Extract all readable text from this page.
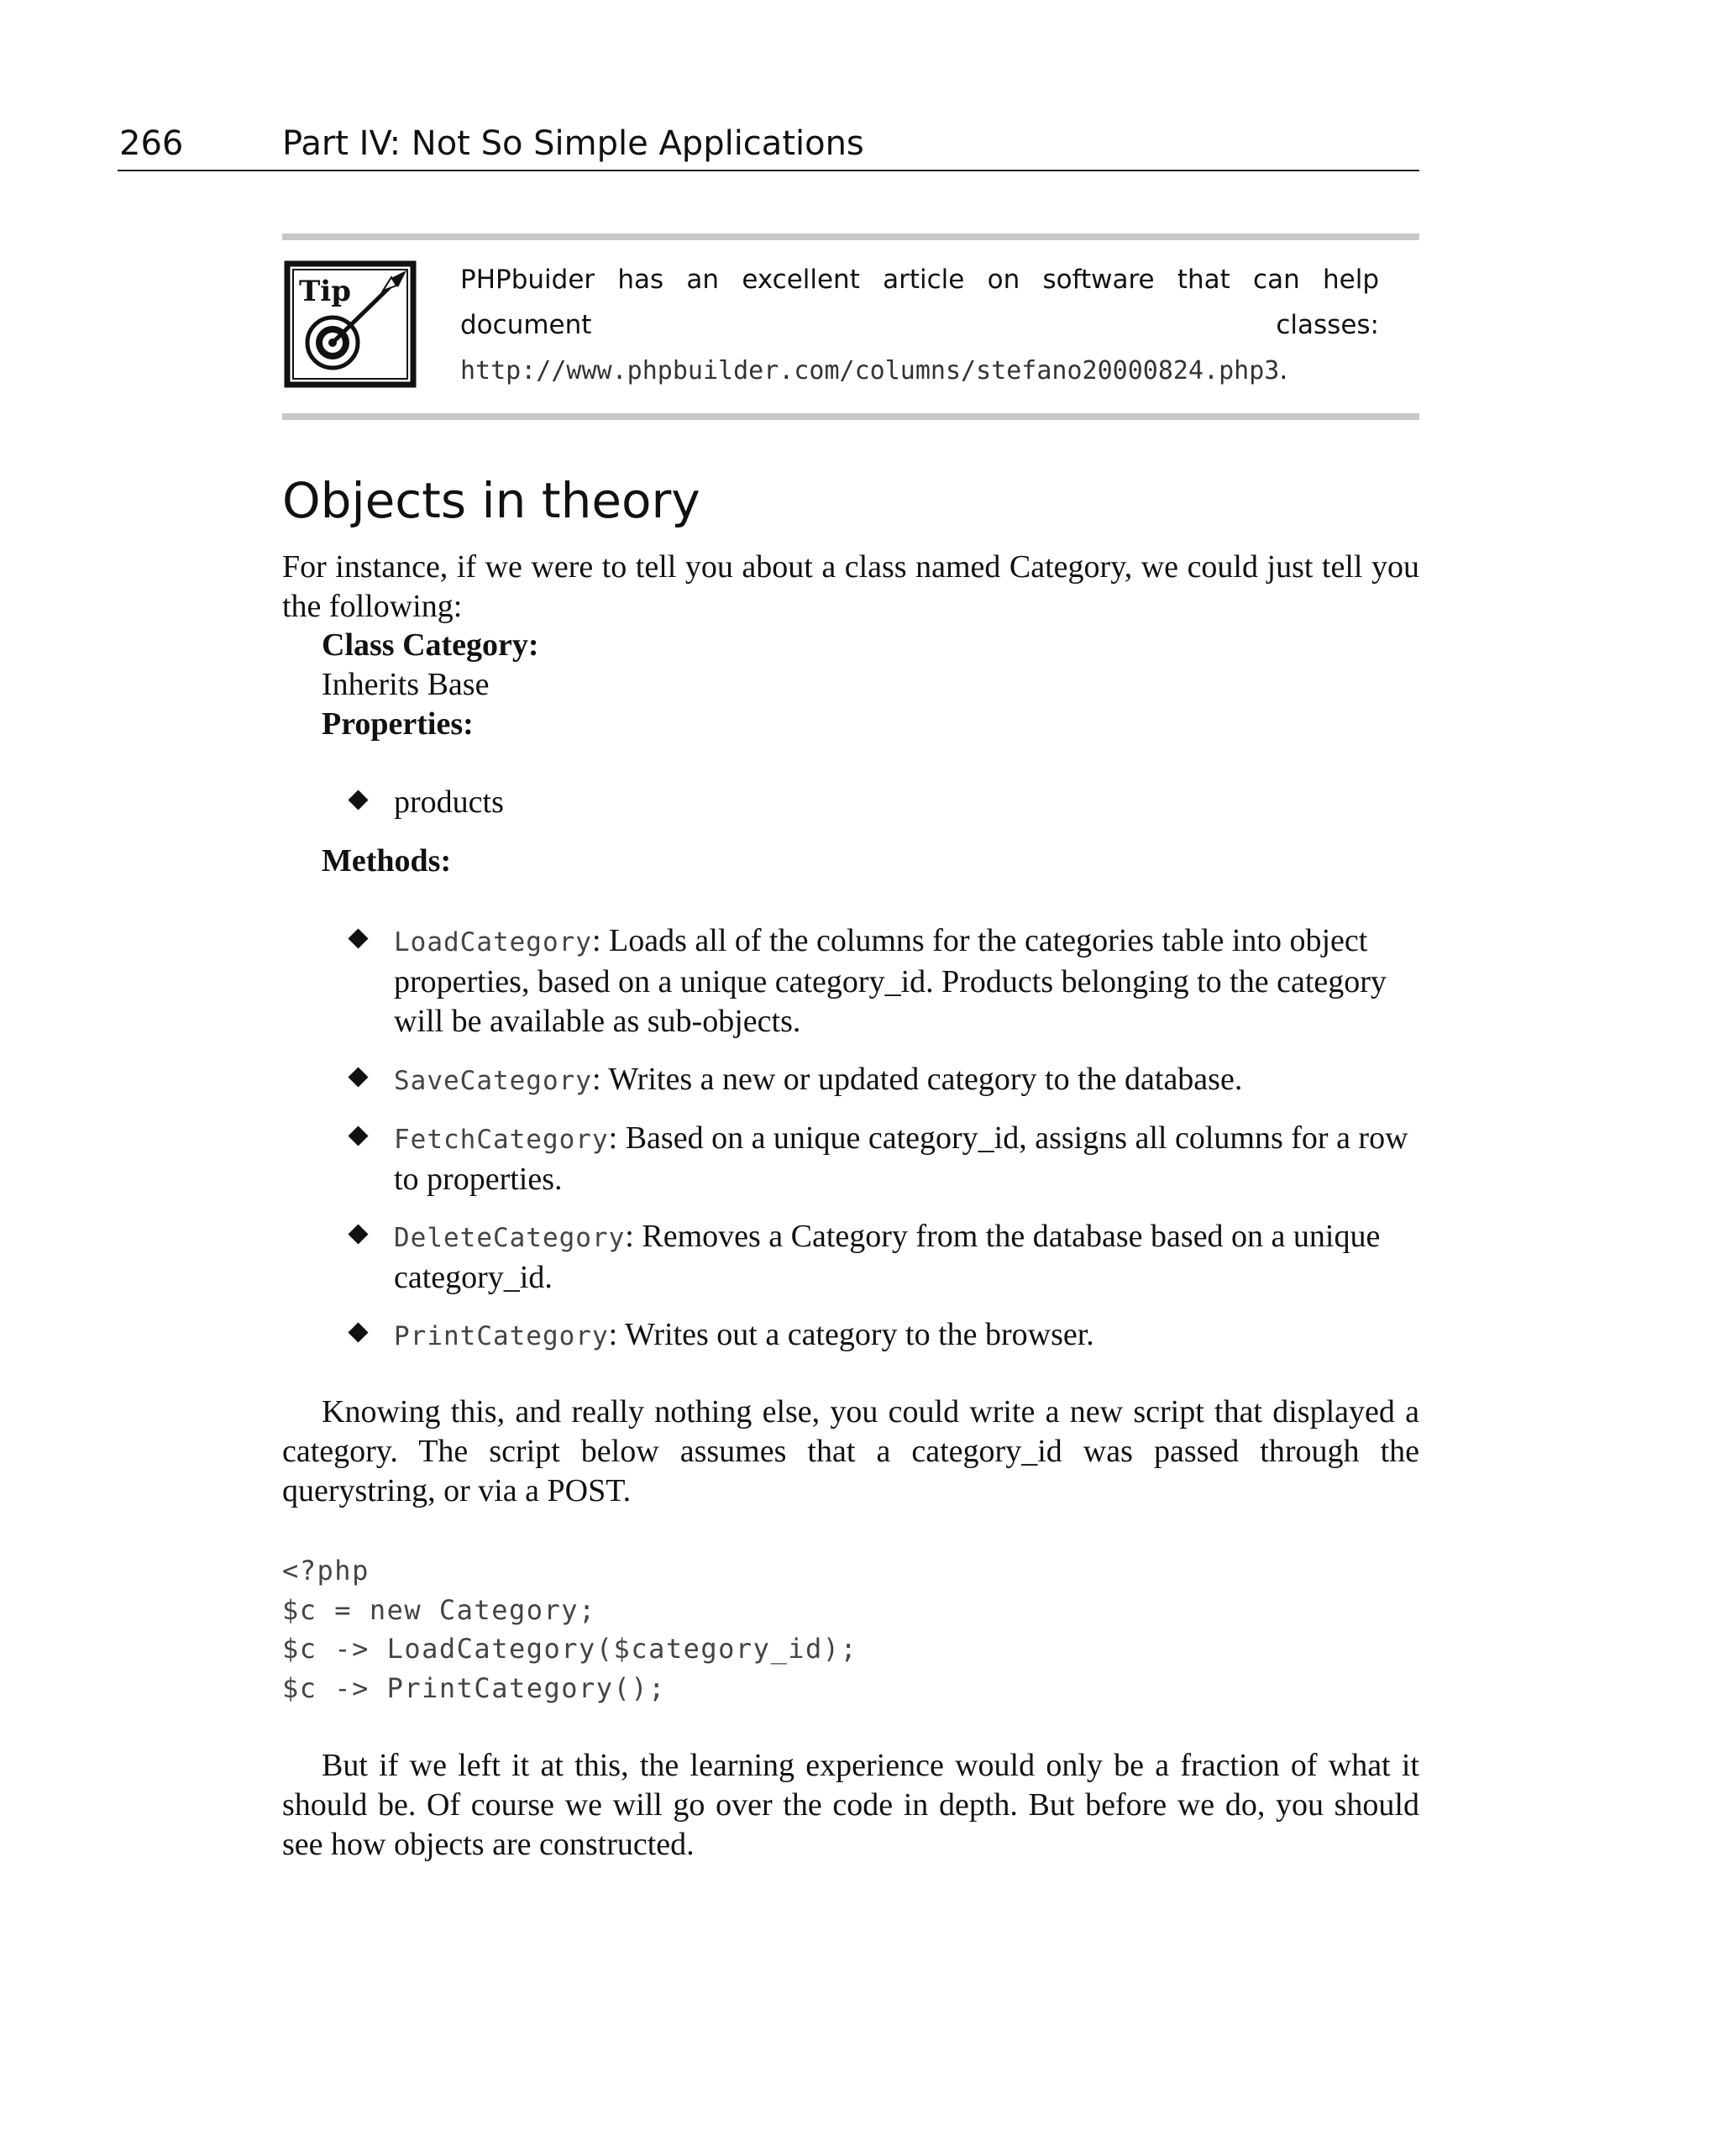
266	Part IV: Not So Simple Applications
Tip	PHPbuider has an excellent article on software that can help document classes: http://www.phpbuilder.com/columns/stefano20000824.php3.
Objects in theory

For instance, if we were to tell you about a class named Category, we could just tell you the following:

Class Category:

Inherits Base

Properties:

products

Methods:

LoadCategory: Loads all of the columns for the categories table into object properties, based on a unique category_id. Products belonging to the category will be available as sub-objects.

SaveCategory: Writes a new or updated category to the database.

FetchCategory: Based on a unique category_id, assigns all columns for a row to properties.

DeleteCategory: Removes a Category from the database based on a unique category_id.

PrintCategory: Writes out a category to the browser.

Knowing this, and really nothing else, you could write a new script that displayed a category. The script below assumes that a category_id was passed through the querystring, or via a POST.

<?php
$c = new Category;
$c -> LoadCategory($category_id);
$c -> PrintCategory();

But if we left it at this, the learning experience would only be a fraction of what it should be. Of course we will go over the code in depth. But before we do, you should see how objects are constructed.
